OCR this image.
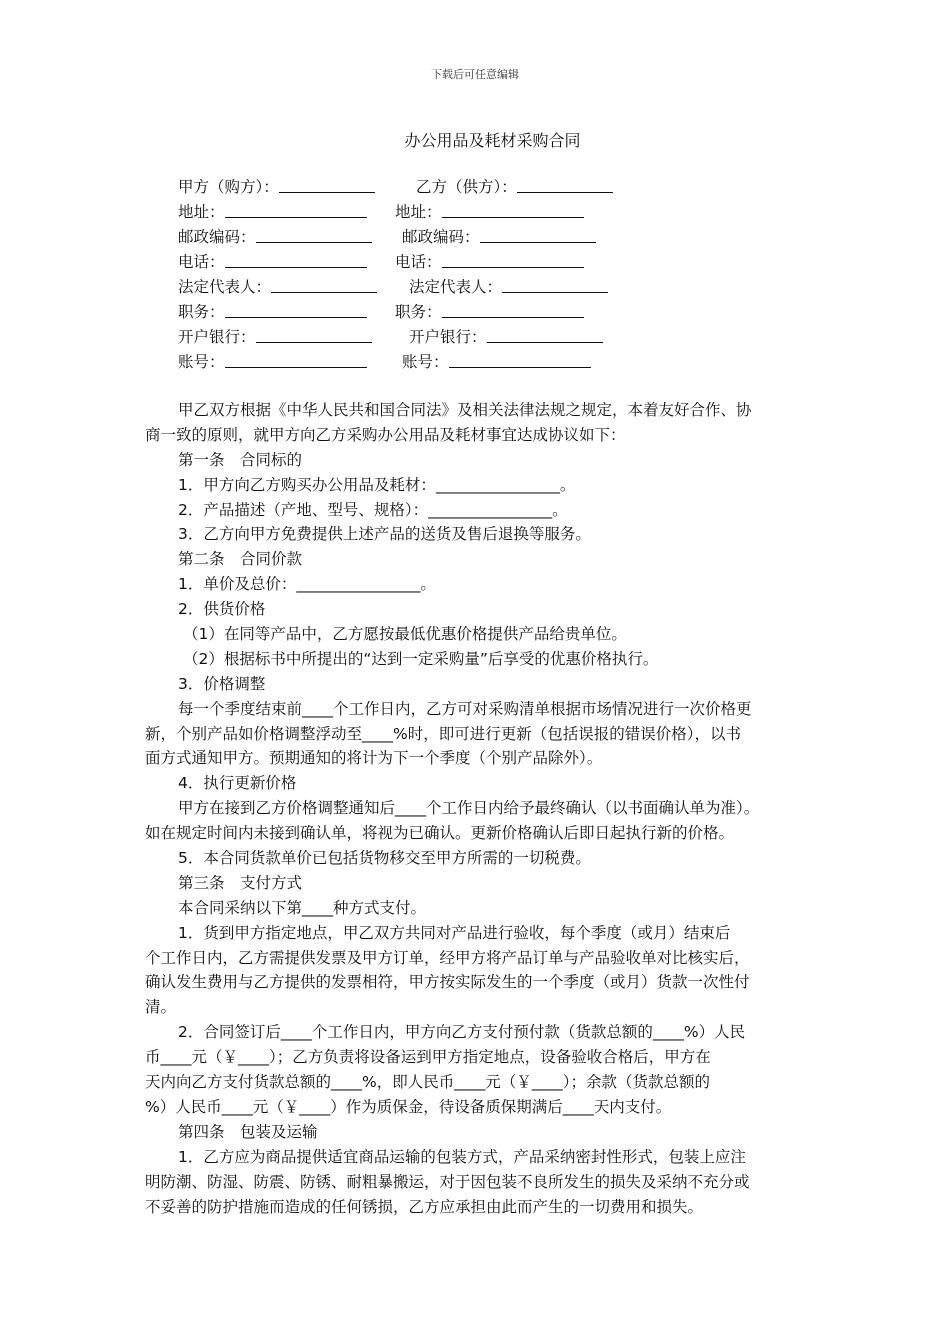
下载后可任意编辑
办公用品及耗材采购合同
甲方（购方）：	乙方（供方）：
地址：	地址：
邮政编码：	邮政编码：
电话：	电话：
法定代表人：	法定代表人：
职务：	职务：
开户银行：	开户银行：
账号：	账号：
甲乙双方根据《中华人民共和国合同法》及相关法律法规之规定，本着友好合作、协
商一致的原则，就甲方向乙方采购办公用品及耗材事宜达成协议如下：
第一条　合同标的
1．甲方向乙方购买办公用品及耗材：________________。
2．产品描述（产地、型号、规格）：________________。
3．乙方向甲方免费提供上述产品的送货及售后退换等服务。
第二条　合同价款
1．单价及总价：________________。
2．供货价格
（1）在同等产品中，乙方愿按最低优惠价格提供产品给贵单位。
（2）根据标书中所提出的“达到一定采购量”后享受的优惠价格执行。
3．价格调整
每一个季度结束前____个工作日内，乙方可对采购清单根据市场情况进行一次价格更
新，个别产品如价格调整浮动至____%时，即可进行更新（包括误报的错误价格），以书
面方式通知甲方。预期通知的将计为下一个季度（个别产品除外）。
4．执行更新价格
甲方在接到乙方价格调整通知后____个工作日内给予最终确认（以书面确认单为准）。
如在规定时间内未接到确认单，将视为已确认。更新价格确认后即日起执行新的价格。
5．本合同货款单价已包括货物移交至甲方所需的一切税费。
第三条　支付方式
本合同采纳以下第____种方式支付。
1．货到甲方指定地点，甲乙双方共同对产品进行验收，每个季度（或月）结束后
个工作日内，乙方需提供发票及甲方订单，经甲方将产品订单与产品验收单对比核实后，
确认发生费用与乙方提供的发票相符，甲方按实际发生的一个季度（或月）货款一次性付
清。
2．合同签订后____个工作日内，甲方向乙方支付预付款（货款总额的____%）人民
币____元（￥____）；乙方负责将设备运到甲方指定地点，设备验收合格后，甲方在
天内向乙方支付货款总额的____%，即人民币____元（￥____）；余款（货款总额的
%）人民币____元（￥____）作为质保金，待设备质保期满后____天内支付。
第四条　包装及运输
1．乙方应为商品提供适宜商品运输的包装方式，产品采纳密封性形式，包装上应注
明防潮、防湿、防震、防锈、耐粗暴搬运，对于因包装不良所发生的损失及采纳不充分或
不妥善的防护措施而造成的任何锈损，乙方应承担由此而产生的一切费用和损失。
